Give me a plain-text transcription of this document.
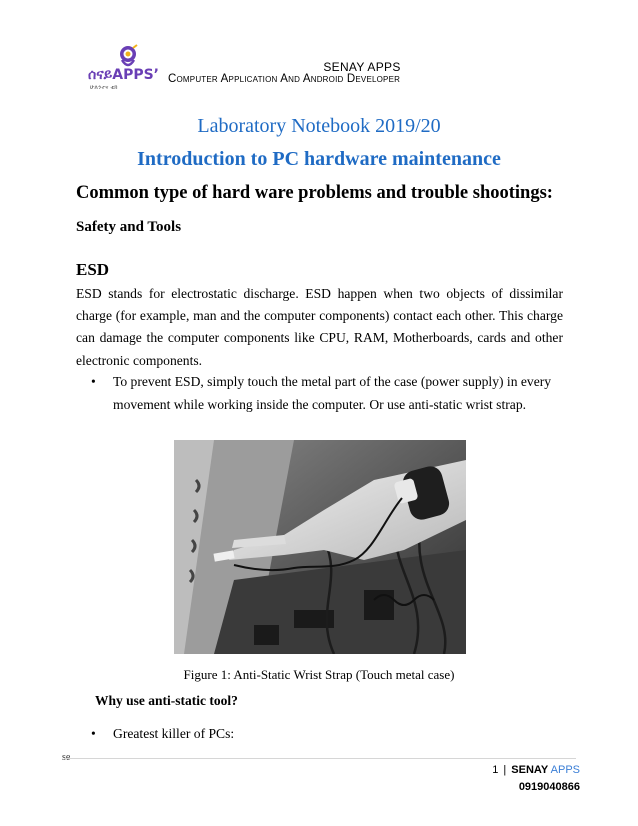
ሰናይAPPS’
ሁለንተና ቴክ
SENAY APPS
Computer Application And Android Developer
Laboratory Notebook 2019/20
Introduction to PC hardware maintenance
Common type of hard ware problems and trouble shootings:
Safety and Tools
ESD
ESD stands for electrostatic discharge. ESD happen when two objects of dissimilar charge (for example, man and the computer components) contact each other. This charge can damage the computer components like CPU, RAM, Motherboards, cards and other electronic components.
• To prevent ESD, simply touch the metal part of the case (power supply) in every movement while working inside the computer. Or use anti-static wrist strap.
Figure 1: Anti-Static Wrist Strap (Touch metal case)
Why use anti-static tool?
• Greatest killer of PCs:
se
1 | SENAY APPS
0919040866
